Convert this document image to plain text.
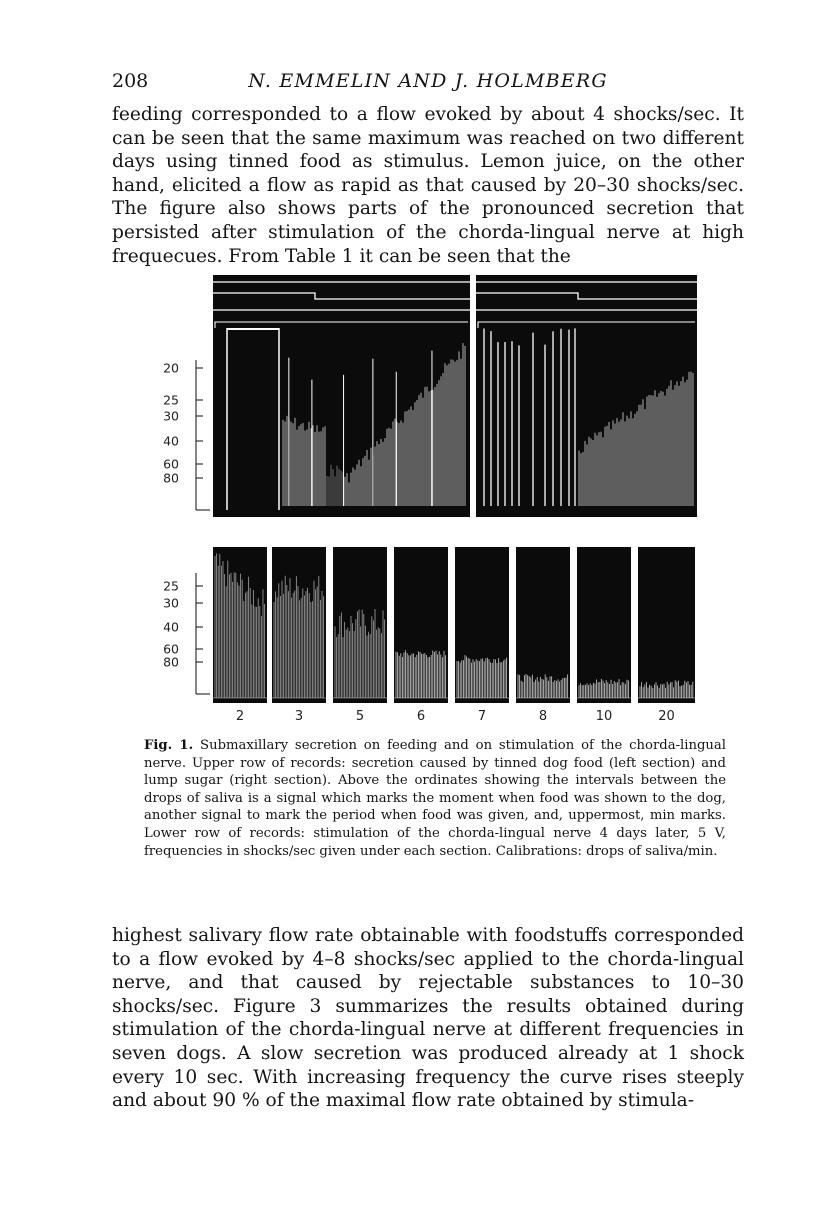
208	N. EMMELIN AND J. HOLMBERG

feeding corresponded to a flow evoked by about 4 shocks/sec. It can be seen that the same maximum was reached on two different days using tinned food as stimulus. Lemon juice, on the other hand, elicited a flow as rapid as that caused by 20–30 shocks/sec. The figure also shows parts of the pronounced secretion that persisted after stimulation of the chorda-lingual nerve at high frequecues. From Table 1 it can be seen that the

20
25
30
40
60
80
25
30
40
60
80
2	3	5	6	7	8	10	20

Fig. 1. Submaxillary secretion on feeding and on stimulation of the chorda-lingual nerve. Upper row of records: secretion caused by tinned dog food (left section) and lump sugar (right section). Above the ordinates showing the intervals between the drops of saliva is a signal which marks the moment when food was shown to the dog, another signal to mark the period when food was given, and, uppermost, min marks. Lower row of records: stimulation of the chorda-lingual nerve 4 days later, 5 V, frequencies in shocks/sec given under each section. Calibrations: drops of saliva/min.

highest salivary flow rate obtainable with foodstuffs corresponded to a flow evoked by 4–8 shocks/sec applied to the chorda-lingual nerve, and that caused by rejectable substances to 10–30 shocks/sec. Figure 3 summarizes the results obtained during stimulation of the chorda-lingual nerve at different frequencies in seven dogs. A slow secretion was produced already at 1 shock every 10 sec. With increasing frequency the curve rises steeply and about 90 % of the maximal flow rate obtained by stimula-
